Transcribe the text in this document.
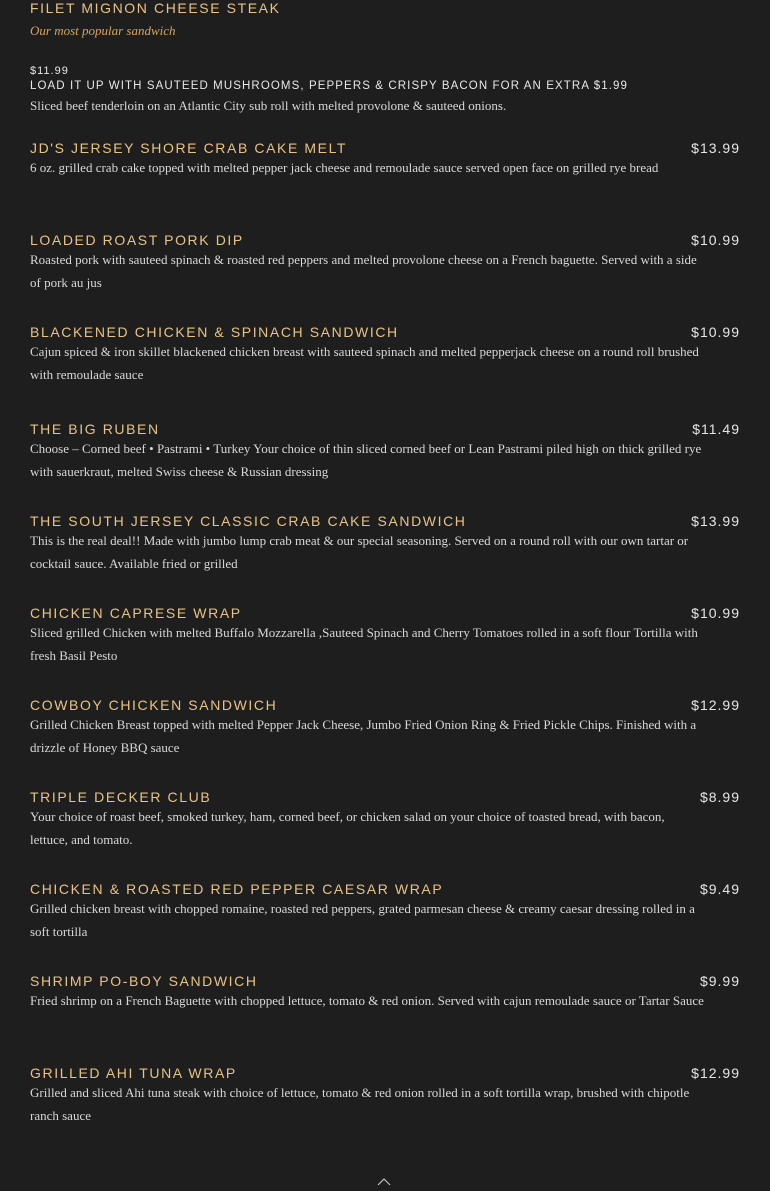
FILET MIGNON CHEESE STEAK
Our most popular sandwich
$11.99
LOAD IT UP WITH SAUTEED MUSHROOMS, PEPPERS & CRISPY BACON FOR AN EXTRA $1.99
Sliced beef tenderloin on an Atlantic City sub roll with melted provolone & sauteed onions.
JD'S JERSEY SHORE CRAB CAKE MELT	$13.99
6 oz. grilled crab cake topped with melted pepper jack cheese and remoulade sauce served open face on grilled rye bread
LOADED ROAST PORK DIP	$10.99
Roasted pork with sauteed spinach & roasted red peppers and melted provolone cheese on a French baguette. Served with a side of pork au jus
BLACKENED CHICKEN & SPINACH SANDWICH	$10.99
Cajun spiced & iron skillet blackened chicken breast with sauteed spinach and melted pepperjack cheese on a round roll brushed with remoulade sauce
THE BIG RUBEN	$11.49
Choose – Corned beef • Pastrami • Turkey Your choice of thin sliced corned beef or Lean Pastrami piled high on thick grilled rye with sauerkraut, melted Swiss cheese & Russian dressing
THE SOUTH JERSEY CLASSIC CRAB CAKE SANDWICH	$13.99
This is the real deal!! Made with jumbo lump crab meat & our special seasoning. Served on a round roll with our own tartar or cocktail sauce. Available fried or grilled
CHICKEN CAPRESE WRAP	$10.99
Sliced grilled Chicken with melted Buffalo Mozzarella ,Sauteed Spinach and Cherry Tomatoes rolled in a soft flour Tortilla with fresh Basil Pesto
COWBOY CHICKEN SANDWICH	$12.99
Grilled Chicken Breast topped with melted Pepper Jack Cheese, Jumbo Fried Onion Ring & Fried Pickle Chips. Finished with a drizzle of Honey BBQ sauce
TRIPLE DECKER CLUB	$8.99
Your choice of roast beef, smoked turkey, ham, corned beef, or chicken salad on your choice of toasted bread, with bacon, lettuce, and tomato.
CHICKEN & ROASTED RED PEPPER CAESAR WRAP	$9.49
Grilled chicken breast with chopped romaine, roasted red peppers, grated parmesan cheese & creamy caesar dressing rolled in a soft tortilla
SHRIMP PO-BOY SANDWICH	$9.99
Fried shrimp on a French Baguette with chopped lettuce, tomato & red onion. Served with cajun remoulade sauce or Tartar Sauce
GRILLED AHI TUNA WRAP	$12.99
Grilled and sliced Ahi tuna steak with choice of lettuce, tomato & red onion rolled in a soft tortilla wrap, brushed with chipotle ranch sauce
